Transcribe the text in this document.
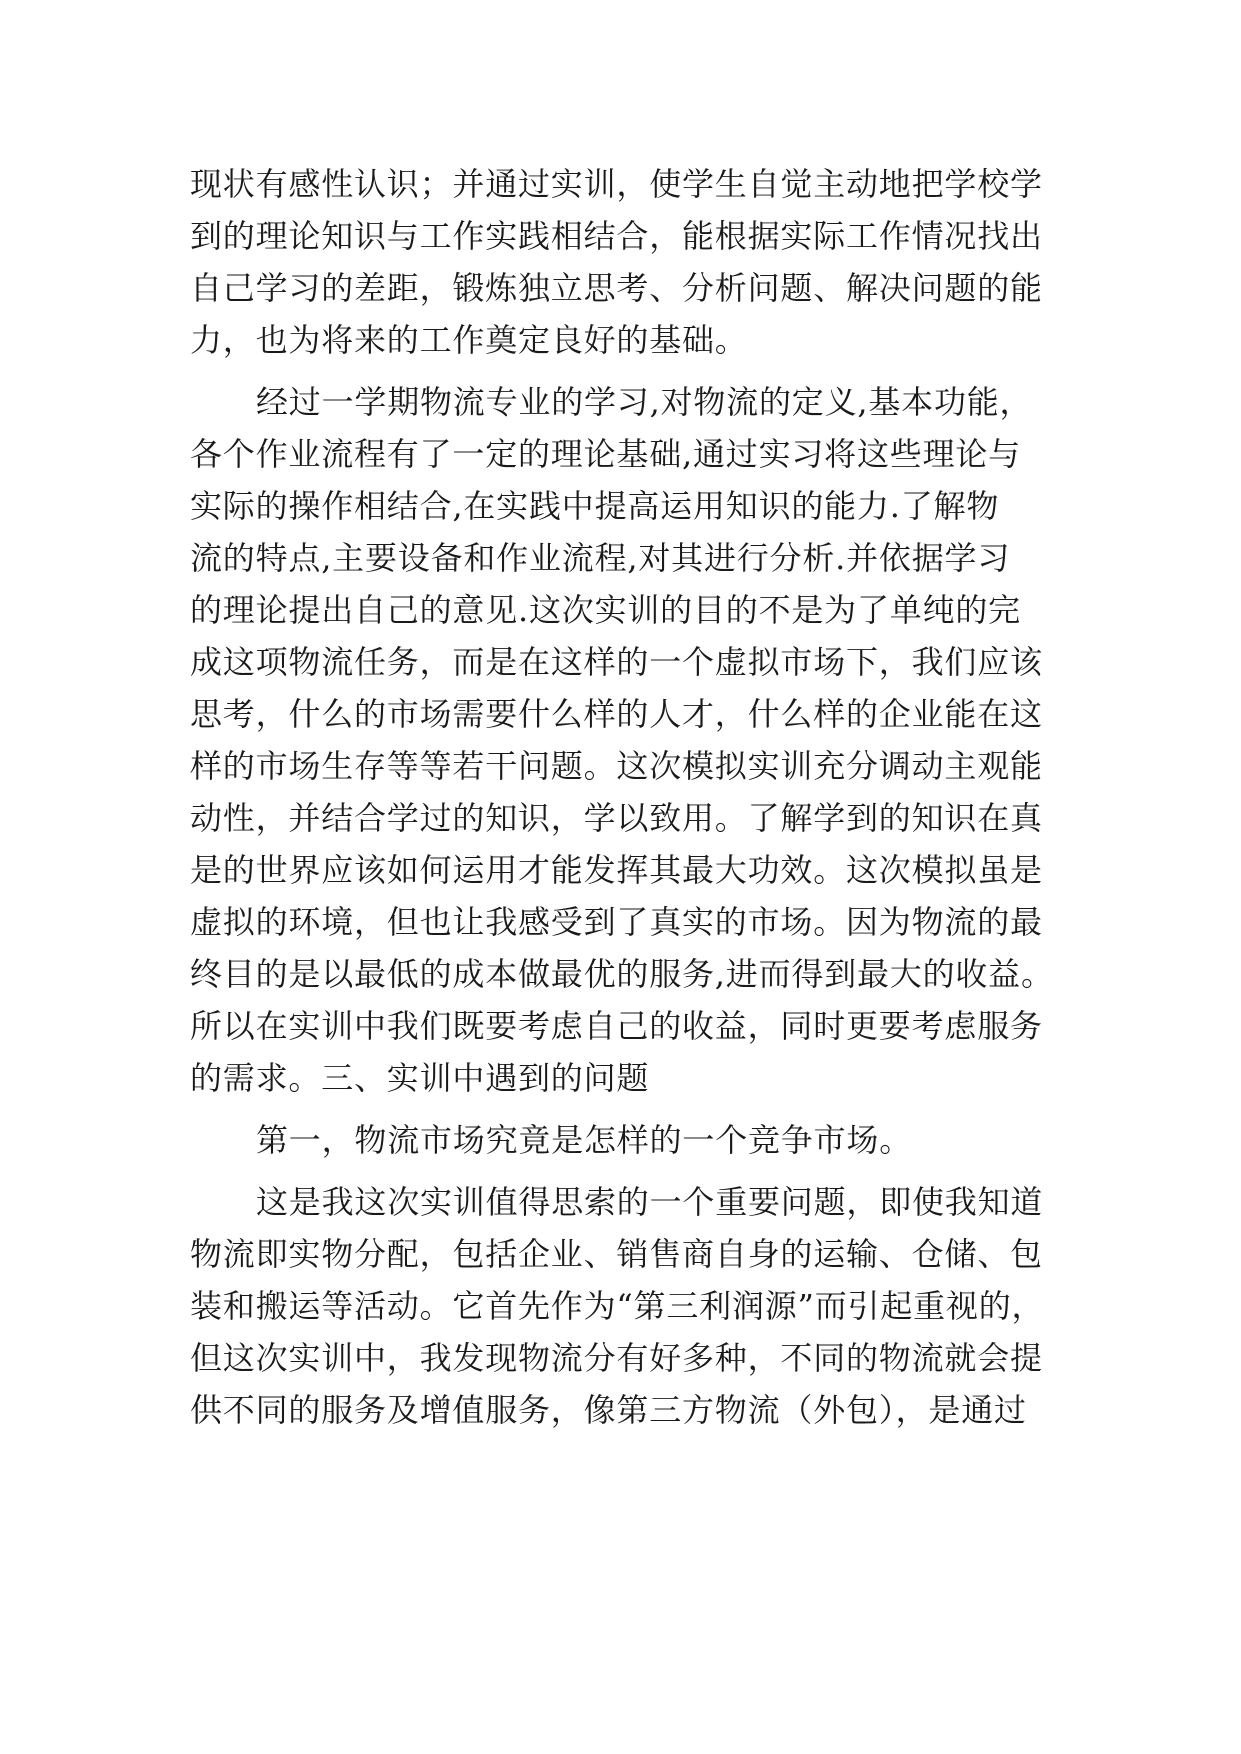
现状有感性认识；并通过实训，使学生自觉主动地把学校学
到的理论知识与工作实践相结合，能根据实际工作情况找出
自己学习的差距，锻炼独立思考、分析问题、解决问题的能
力，也为将来的工作奠定良好的基础。
经过一学期物流专业的学习,对物流的定义,基本功能，
各个作业流程有了一定的理论基础,通过实习将这些理论与
实际的操作相结合,在实践中提高运用知识的能力.了解物
流的特点,主要设备和作业流程,对其进行分析.并依据学习
的理论提出自己的意见.这次实训的目的不是为了单纯的完
成这项物流任务，而是在这样的一个虚拟市场下，我们应该
思考，什么的市场需要什么样的人才，什么样的企业能在这
样的市场生存等等若干问题。这次模拟实训充分调动主观能
动性，并结合学过的知识，学以致用。了解学到的知识在真
是的世界应该如何运用才能发挥其最大功效。这次模拟虽是
虚拟的环境，但也让我感受到了真实的市场。因为物流的最
终目的是以最低的成本做最优的服务,进而得到最大的收益。
所以在实训中我们既要考虑自己的收益，同时更要考虑服务
的需求。三、实训中遇到的问题
第一，物流市场究竟是怎样的一个竞争市场。
这是我这次实训值得思索的一个重要问题，即使我知道
物流即实物分配，包括企业、销售商自身的运输、仓储、包
装和搬运等活动。它首先作为“第三利润源”而引起重视的，
但这次实训中，我发现物流分有好多种，不同的物流就会提
供不同的服务及增值服务，像第三方物流（外包），是通过
